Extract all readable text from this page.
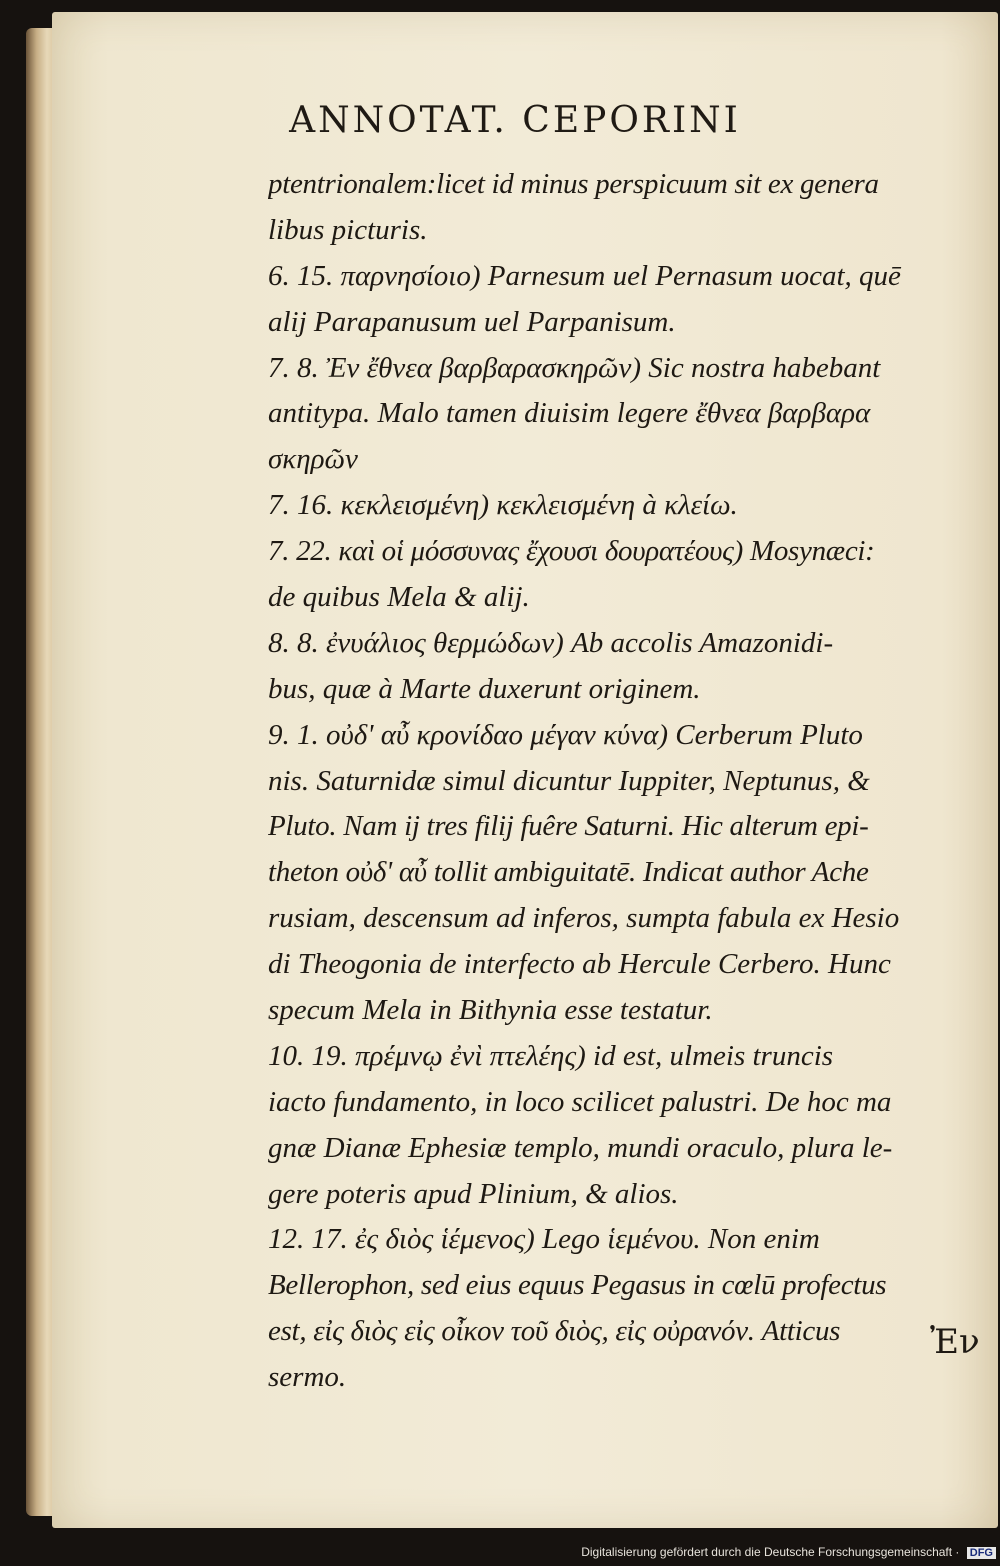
ANNOTAT. CEPORINI
ptentrionalem:licet id minus perspicuum sit ex genera
libus picturis.
6. 15. παρνησίοιο) Parnesum uel Pernasum uocat, quē
alij Parapanusum uel Parpanisum.
7. 8. Ἐν ἔθνεα βαρβαρασκηρῶν) Sic nostra habebant
antitypa. Malo tamen diuisim legere ἔθνεα βαρβαρα
σκηρῶν
7. 16. κεκλεισμένη) κεκλεισμένη à κλείω.
7. 22. καὶ οἱ μόσσυνας ἔχουσι δουρατέους) Mosynæci:
de quibus Mela & alij.
8. 8. ἐνυάλιος θερμώδων) Ab accolis Amazonidi-
bus, quæ à Marte duxerunt originem.
9. 1. οὐδ' αὖ κρονίδαο μέγαν κύνα) Cerberum Pluto
nis. Saturnidæ simul dicuntur Iuppiter, Neptunus, &
Pluto. Nam ij tres filij fuêre Saturni. Hic alterum epi-
theton οὐδ' αὖ tollit ambiguitatē. Indicat author Ache
rusiam, descensum ad inferos, sumpta fabula ex Hesio
di Theogonia de interfecto ab Hercule Cerbero. Hunc
specum Mela in Bithynia esse testatur.
10. 19. πρέμνῳ ἐνὶ πτελέης) id est, ulmeis truncis
iacto fundamento, in loco scilicet palustri. De hoc ma
gnæ Dianæ Ephesiæ templo, mundi oraculo, plura le-
gere poteris apud Plinium, & alios.
12. 17. ἐς διὸς ἱέμενος) Lego ἱεμένου. Non enim
Bellerophon, sed eius equus Pegasus in cœlū profectus
est, εἰς διὸς εἰς οἶκον τοῦ διὸς, εἰς οὐρανόν. Atticus
sermo.
Ἐν
Digitalisierung gefördert durch die Deutsche Forschungsgemeinschaft · DFG
